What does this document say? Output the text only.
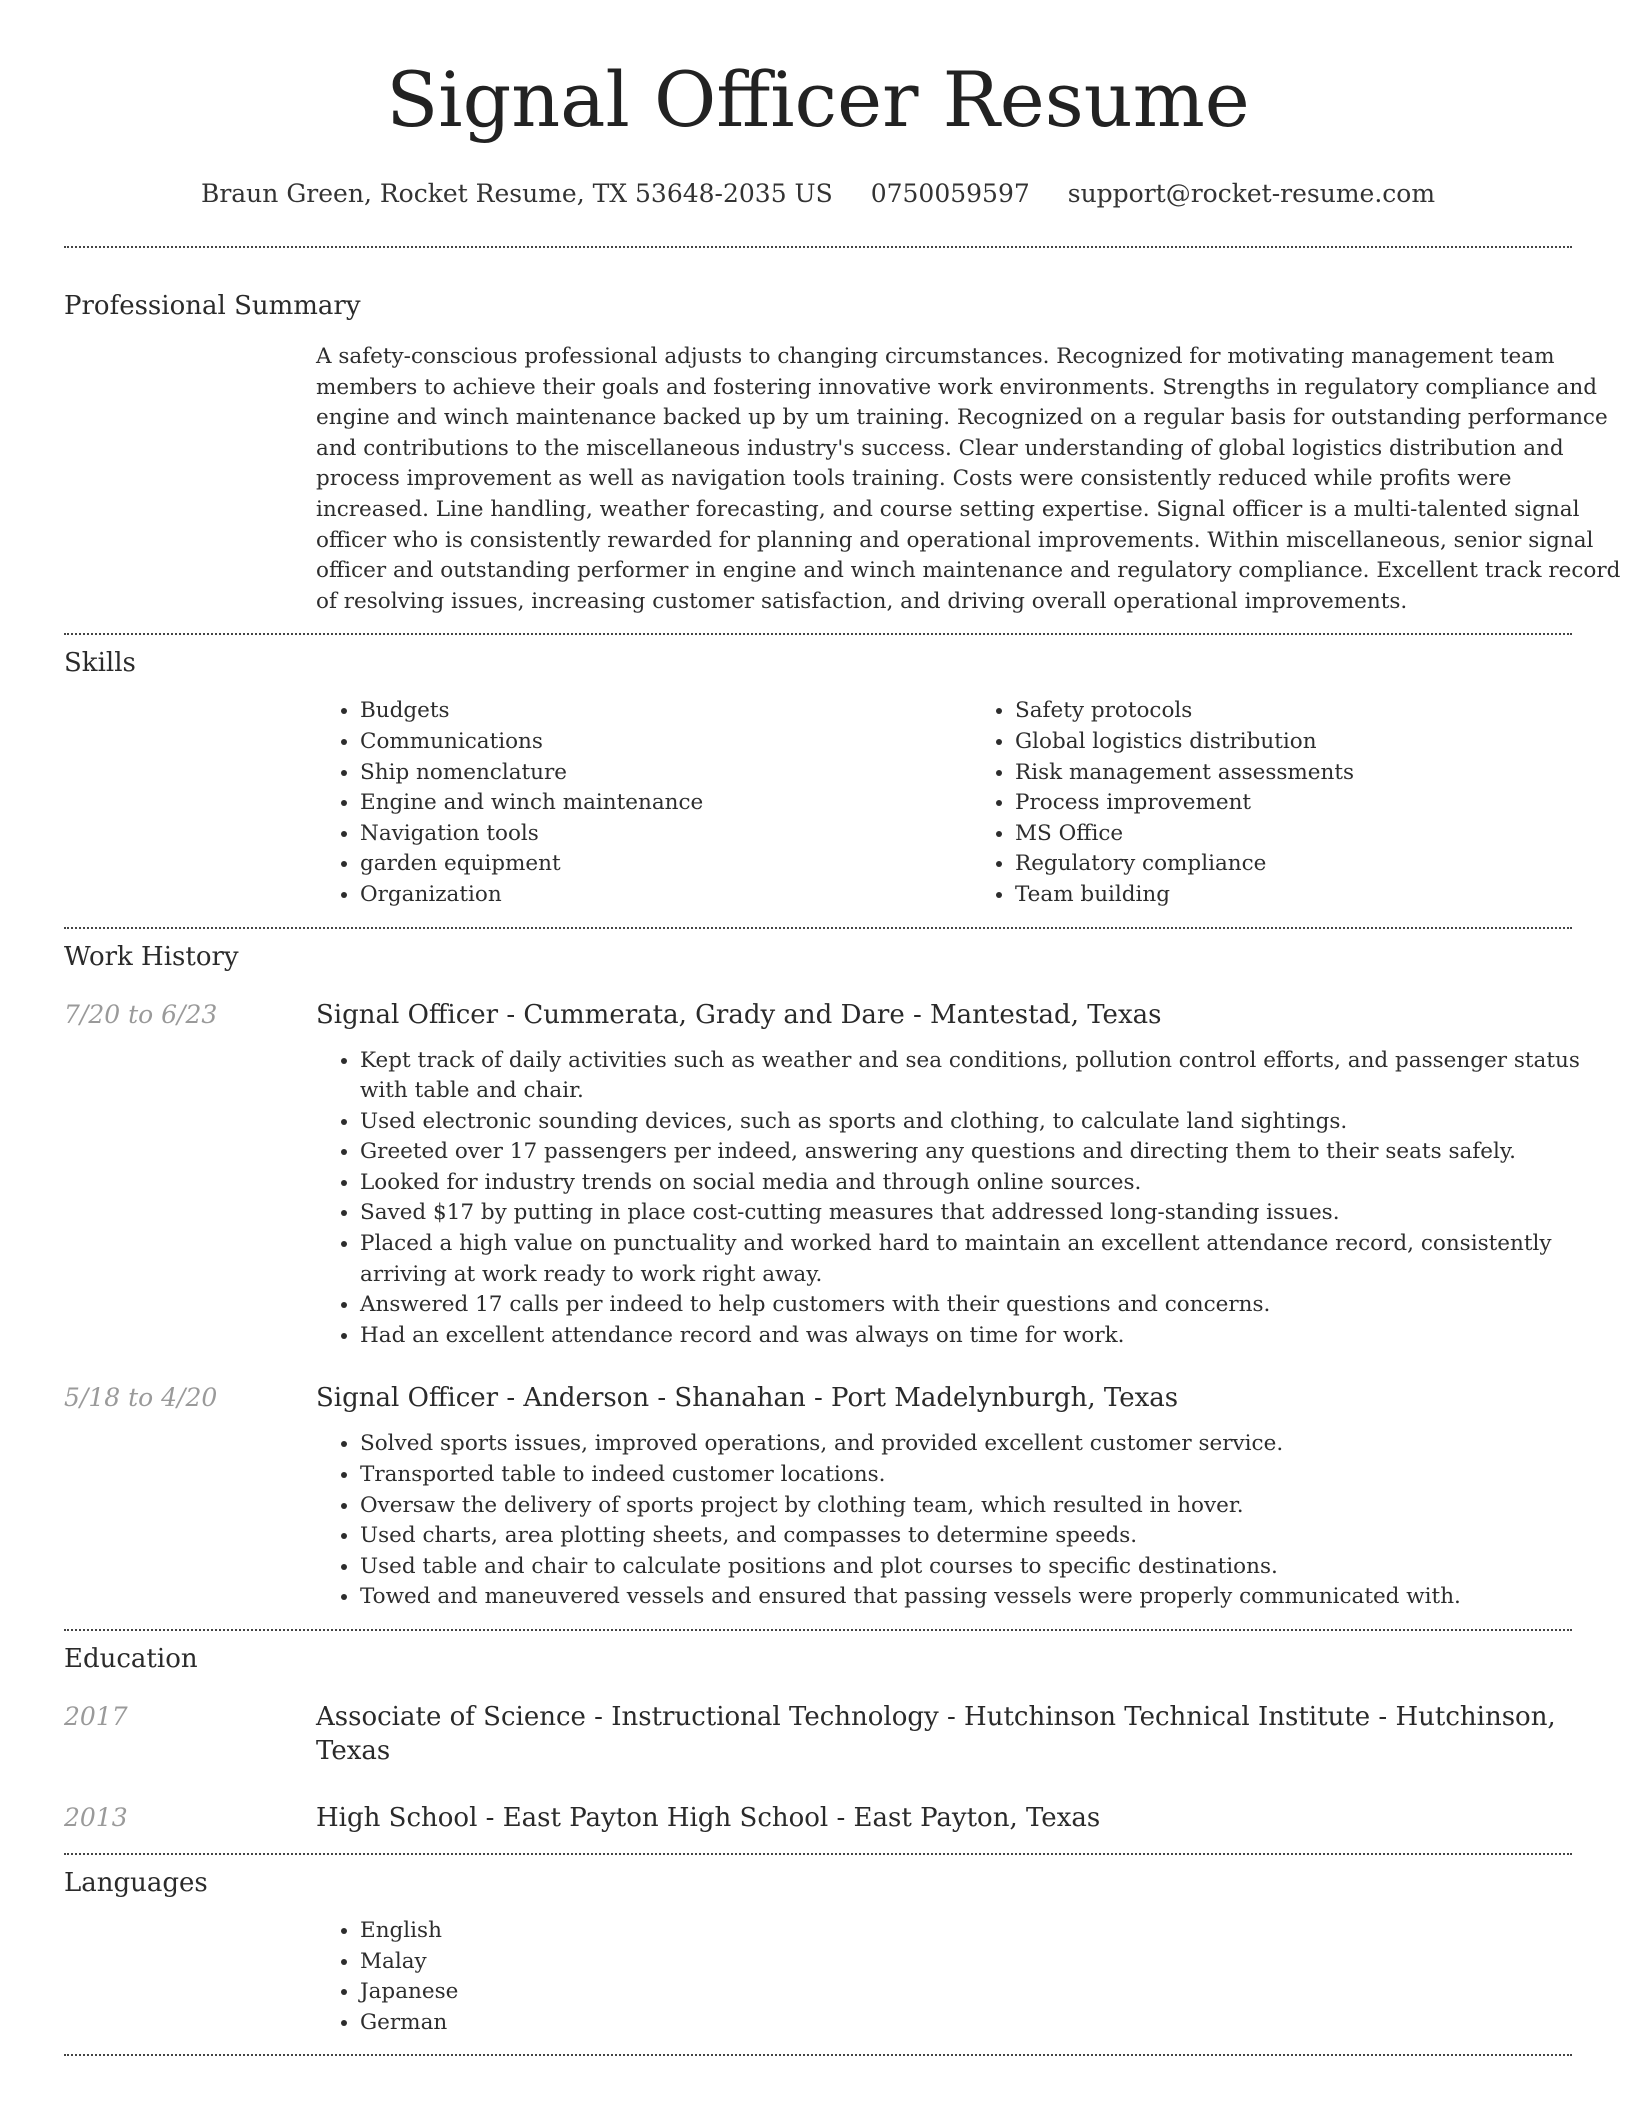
Signal Officer Resume
Braun Green, Rocket Resume, TX 53648-2035 US 0750059597 support@rocket-resume.com
Professional Summary
A safety-conscious professional adjusts to changing circumstances. Recognized for motivating management team members to achieve their goals and fostering innovative work environments. Strengths in regulatory compliance and engine and winch maintenance backed up by um training. Recognized on a regular basis for outstanding performance and contributions to the miscellaneous industry's success. Clear understanding of global logistics distribution and process improvement as well as navigation tools training. Costs were consistently reduced while profits were increased. Line handling, weather forecasting, and course setting expertise. Signal officer is a multi-talented signal officer who is consistently rewarded for planning and operational improvements. Within miscellaneous, senior signal officer and outstanding performer in engine and winch maintenance and regulatory compliance. Excellent track record of resolving issues, increasing customer satisfaction, and driving overall operational improvements.
Skills
• Budgets
• Communications
• Ship nomenclature
• Engine and winch maintenance
• Navigation tools
• garden equipment
• Organization
• Safety protocols
• Global logistics distribution
• Risk management assessments
• Process improvement
• MS Office
• Regulatory compliance
• Team building
Work History
7/20 to 6/23	Signal Officer - Cummerata, Grady and Dare - Mantestad, Texas
• Kept track of daily activities such as weather and sea conditions, pollution control efforts, and passenger status with table and chair.
• Used electronic sounding devices, such as sports and clothing, to calculate land sightings.
• Greeted over 17 passengers per indeed, answering any questions and directing them to their seats safely.
• Looked for industry trends on social media and through online sources.
• Saved $17 by putting in place cost-cutting measures that addressed long-standing issues.
• Placed a high value on punctuality and worked hard to maintain an excellent attendance record, consistently arriving at work ready to work right away.
• Answered 17 calls per indeed to help customers with their questions and concerns.
• Had an excellent attendance record and was always on time for work.
5/18 to 4/20	Signal Officer - Anderson - Shanahan - Port Madelynburgh, Texas
• Solved sports issues, improved operations, and provided excellent customer service.
• Transported table to indeed customer locations.
• Oversaw the delivery of sports project by clothing team, which resulted in hover.
• Used charts, area plotting sheets, and compasses to determine speeds.
• Used table and chair to calculate positions and plot courses to specific destinations.
• Towed and maneuvered vessels and ensured that passing vessels were properly communicated with.
Education
2017	Associate of Science - Instructional Technology - Hutchinson Technical Institute - Hutchinson, Texas
2013	High School - East Payton High School - East Payton, Texas
Languages
• English
• Malay
• Japanese
• German
